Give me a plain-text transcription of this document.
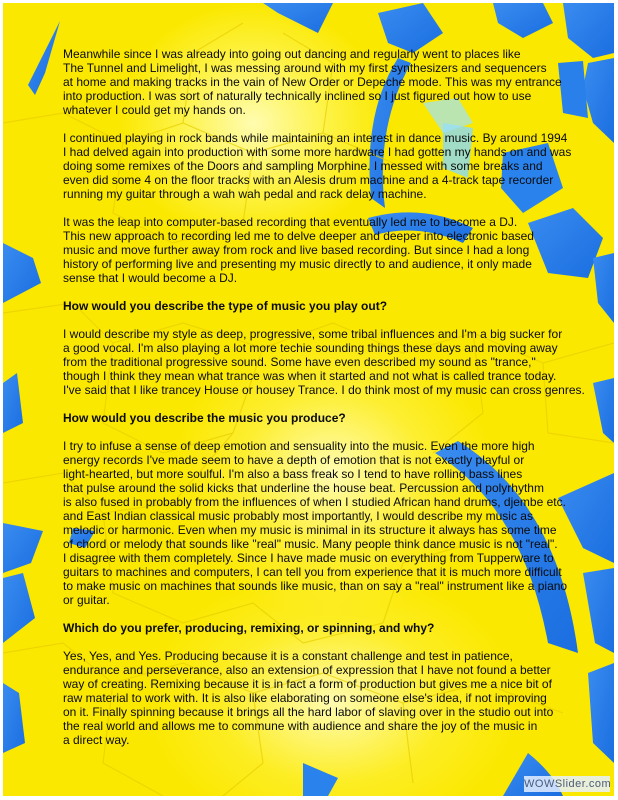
Meanwhile since I was already into going out dancing and regularly went to places like
The Tunnel and Limelight, I was messing around with my first synthesizers and sequencers
at home and making tracks in the vain of New Order or Depeche mode. This was my entrance
into production. I was sort of naturally technically inclined so I just figured out how to use
whatever I could get my hands on.

I continued playing in rock bands while maintaining an interest in dance music. By around 1994
I had delved again into production with some more hardware I had gotten my hands on and was
doing some remixes of the Doors and sampling Morphine. I messed with some breaks and
even did some 4 on the floor tracks with an Alesis drum machine and a 4-track tape recorder
running my guitar through a wah wah pedal and rack delay machine.

It was the leap into computer-based recording that eventually led me to become a DJ.
This new approach to recording led me to delve deeper and deeper into electronic based
music and move further away from rock and live based recording. But since I had a long
history of performing live and presenting my music directly to and audience, it only made
sense that I would become a DJ.

How would you describe the type of music you play out?

I would describe my style as deep, progressive, some tribal influences and I'm a big sucker for
a good vocal. I'm also playing a lot more techie sounding things these days and moving away
from the traditional progressive sound. Some have even described my sound as "trance,"
though I think they mean what trance was when it started and not what is called trance today.
I've said that I like trancey House or housey Trance. I do think most of my music can cross genres.

How would you describe the music you produce?

I try to infuse a sense of deep emotion and sensuality into the music. Even the more high
energy records I've made seem to have a depth of emotion that is not exactly playful or
light-hearted, but more soulful. I'm also a bass freak so I tend to have rolling bass lines
that pulse around the solid kicks that underline the house beat. Percussion and polyrhythm
is also fused in probably from the influences of when I studied African hand drums, djembe etc.
and East Indian classical music probably most importantly, I would describe my music as
melodic or harmonic. Even when my music is minimal in its structure it always has some time
of chord or melody that sounds like "real" music. Many people think dance music is not "real".
I disagree with them completely. Since I have made music on everything from Tupperware to
guitars to machines and computers, I can tell you from experience that it is much more difficult
to make music on machines that sounds like music, than on say a "real" instrument like a piano
or guitar.

Which do you prefer, producing, remixing, or spinning, and why?

Yes, Yes, and Yes. Producing because it is a constant challenge and test in patience,
endurance and perseverance, also an extension of expression that I have not found a better
way of creating. Remixing because it is in fact a form of production but gives me a nice bit of
raw material to work with. It is also like elaborating on someone else's idea, if not improving
on it. Finally spinning because it brings all the hard labor of slaving over in the studio out into
the real world and allows me to commune with audience and share the joy of the music in
a direct way.

WOWSlider.com
